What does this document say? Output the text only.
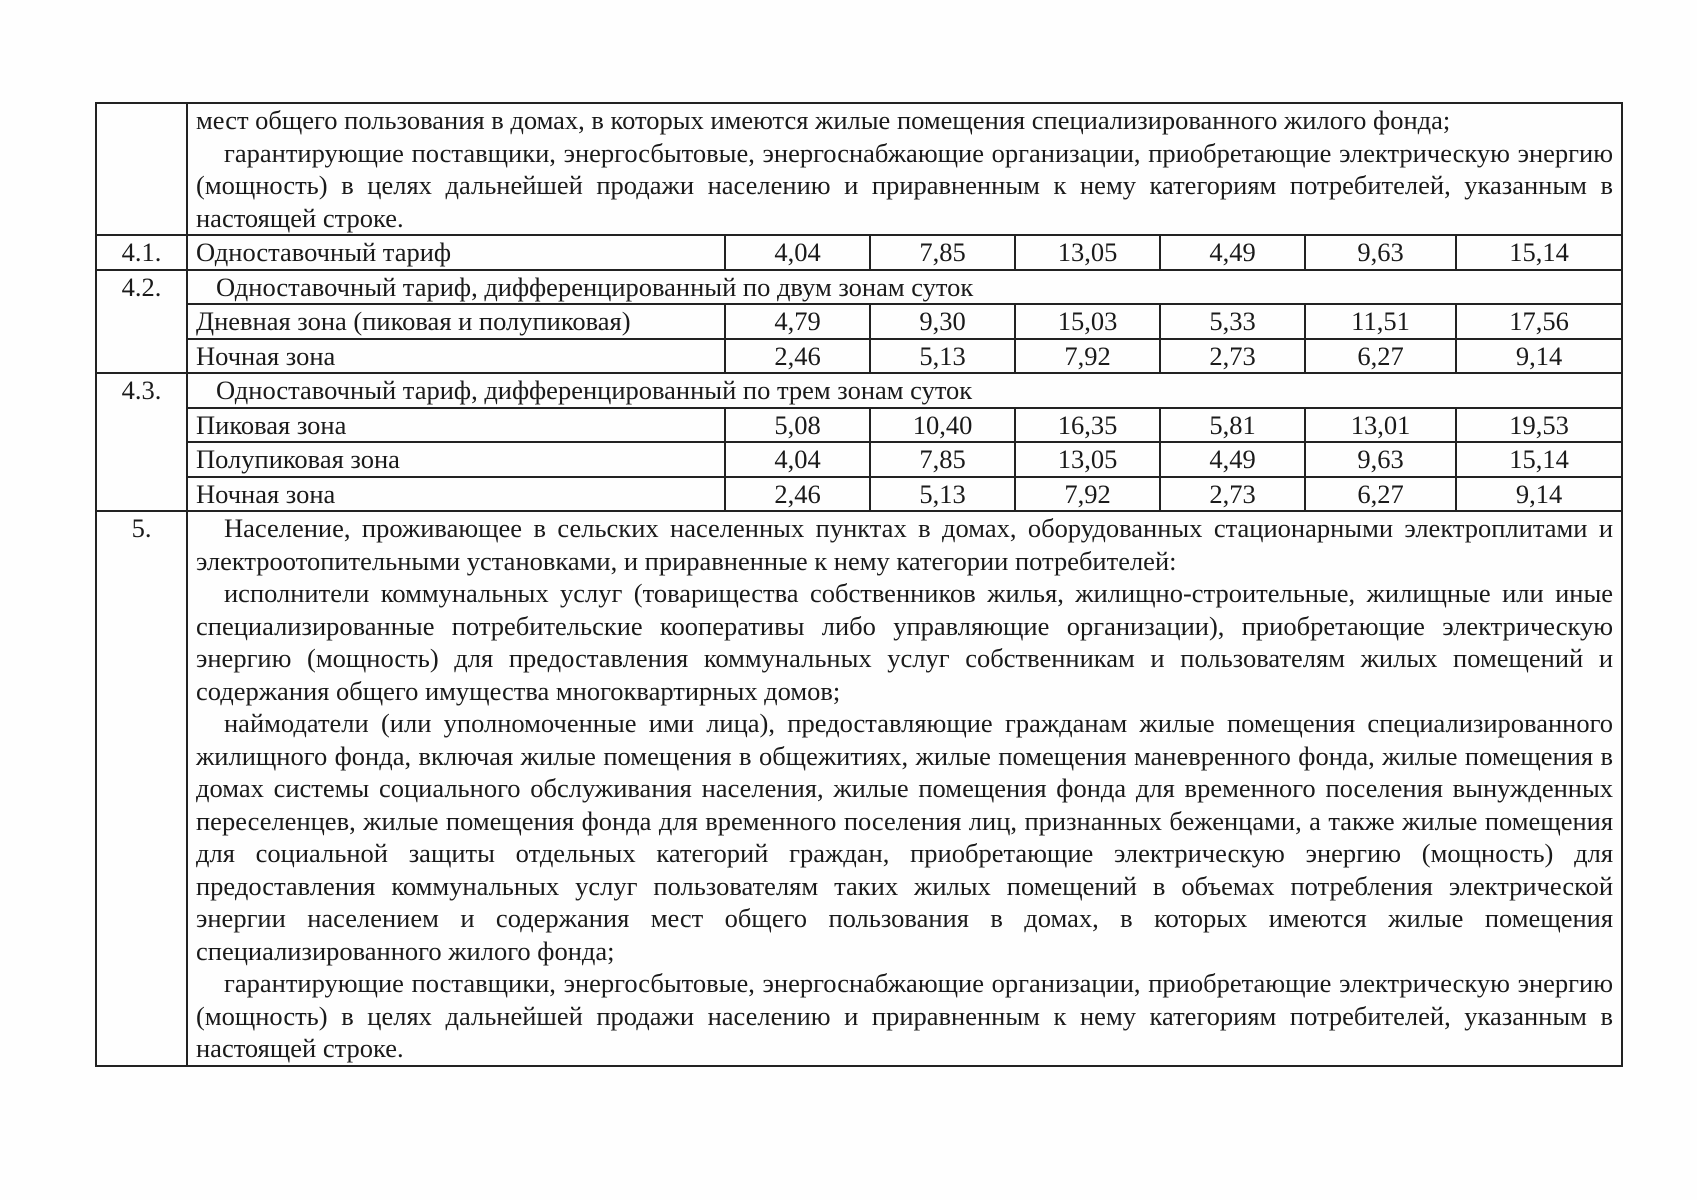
	мест общего пользования в домах, в которых имеются жилые помещения специализированного жилого фонда;
гарантирующие поставщики, энергосбытовые, энергоснабжающие организации, приобретающие электрическую энергию (мощность) в целях дальнейшей продажи населению и приравненным к нему категориям потребителей, указанным в настоящей строке.						

4.1.	Одноставочный тариф	4,04	7,85	13,05	4,49	9,63	15,14
4.2.	Одноставочный тариф, дифференцированный по двум зонам суток						
	Дневная зона (пиковая и полупиковая)	4,79	9,30	15,03	5,33	11,51	17,56
	Ночная зона	2,46	5,13	7,92	2,73	6,27	9,14
4.3.	Одноставочный тариф, дифференцированный по трем зонам суток						
	Пиковая зона	5,08	10,40	16,35	5,81	13,01	19,53
	Полупиковая зона	4,04	7,85	13,05	4,49	9,63	15,14
	Ночная зона	2,46	5,13	7,92	2,73	6,27	9,14
5.	Население, проживающее в сельских населенных пунктах в домах, оборудованных стационарными электроплитами и электроотопительными установками, и приравненные к нему категории потребителей:
исполнители коммунальных услуг (товарищества собственников жилья, жилищно-строительные, жилищные или иные специализированные потребительские кооперативы либо управляющие организации), приобретающие электрическую энергию (мощность) для предоставления коммунальных услуг собственникам и пользователям жилых помещений и содержания общего имущества многоквартирных домов;
наймодатели (или уполномоченные ими лица), предоставляющие гражданам жилые помещения специализированного жилищного фонда, включая жилые помещения в общежитиях, жилые помещения маневренного фонда, жилые помещения в домах системы социального обслуживания населения, жилые помещения фонда для временного поселения вынужденных переселенцев, жилые помещения фонда для временного поселения лиц, признанных беженцами, а также жилые помещения для социальной защиты отдельных категорий граждан, приобретающие электрическую энергию (мощность) для предоставления коммунальных услуг пользователям таких жилых помещений в объемах потребления электрической энергии населением и содержания мест общего пользования в домах, в которых имеются жилые помещения специализированного жилого фонда;
гарантирующие поставщики, энергосбытовые, энергоснабжающие организации, приобретающие электрическую энергию (мощность) в целях дальнейшей продажи населению и приравненным к нему категориям потребителей, указанным в настоящей строке.						
